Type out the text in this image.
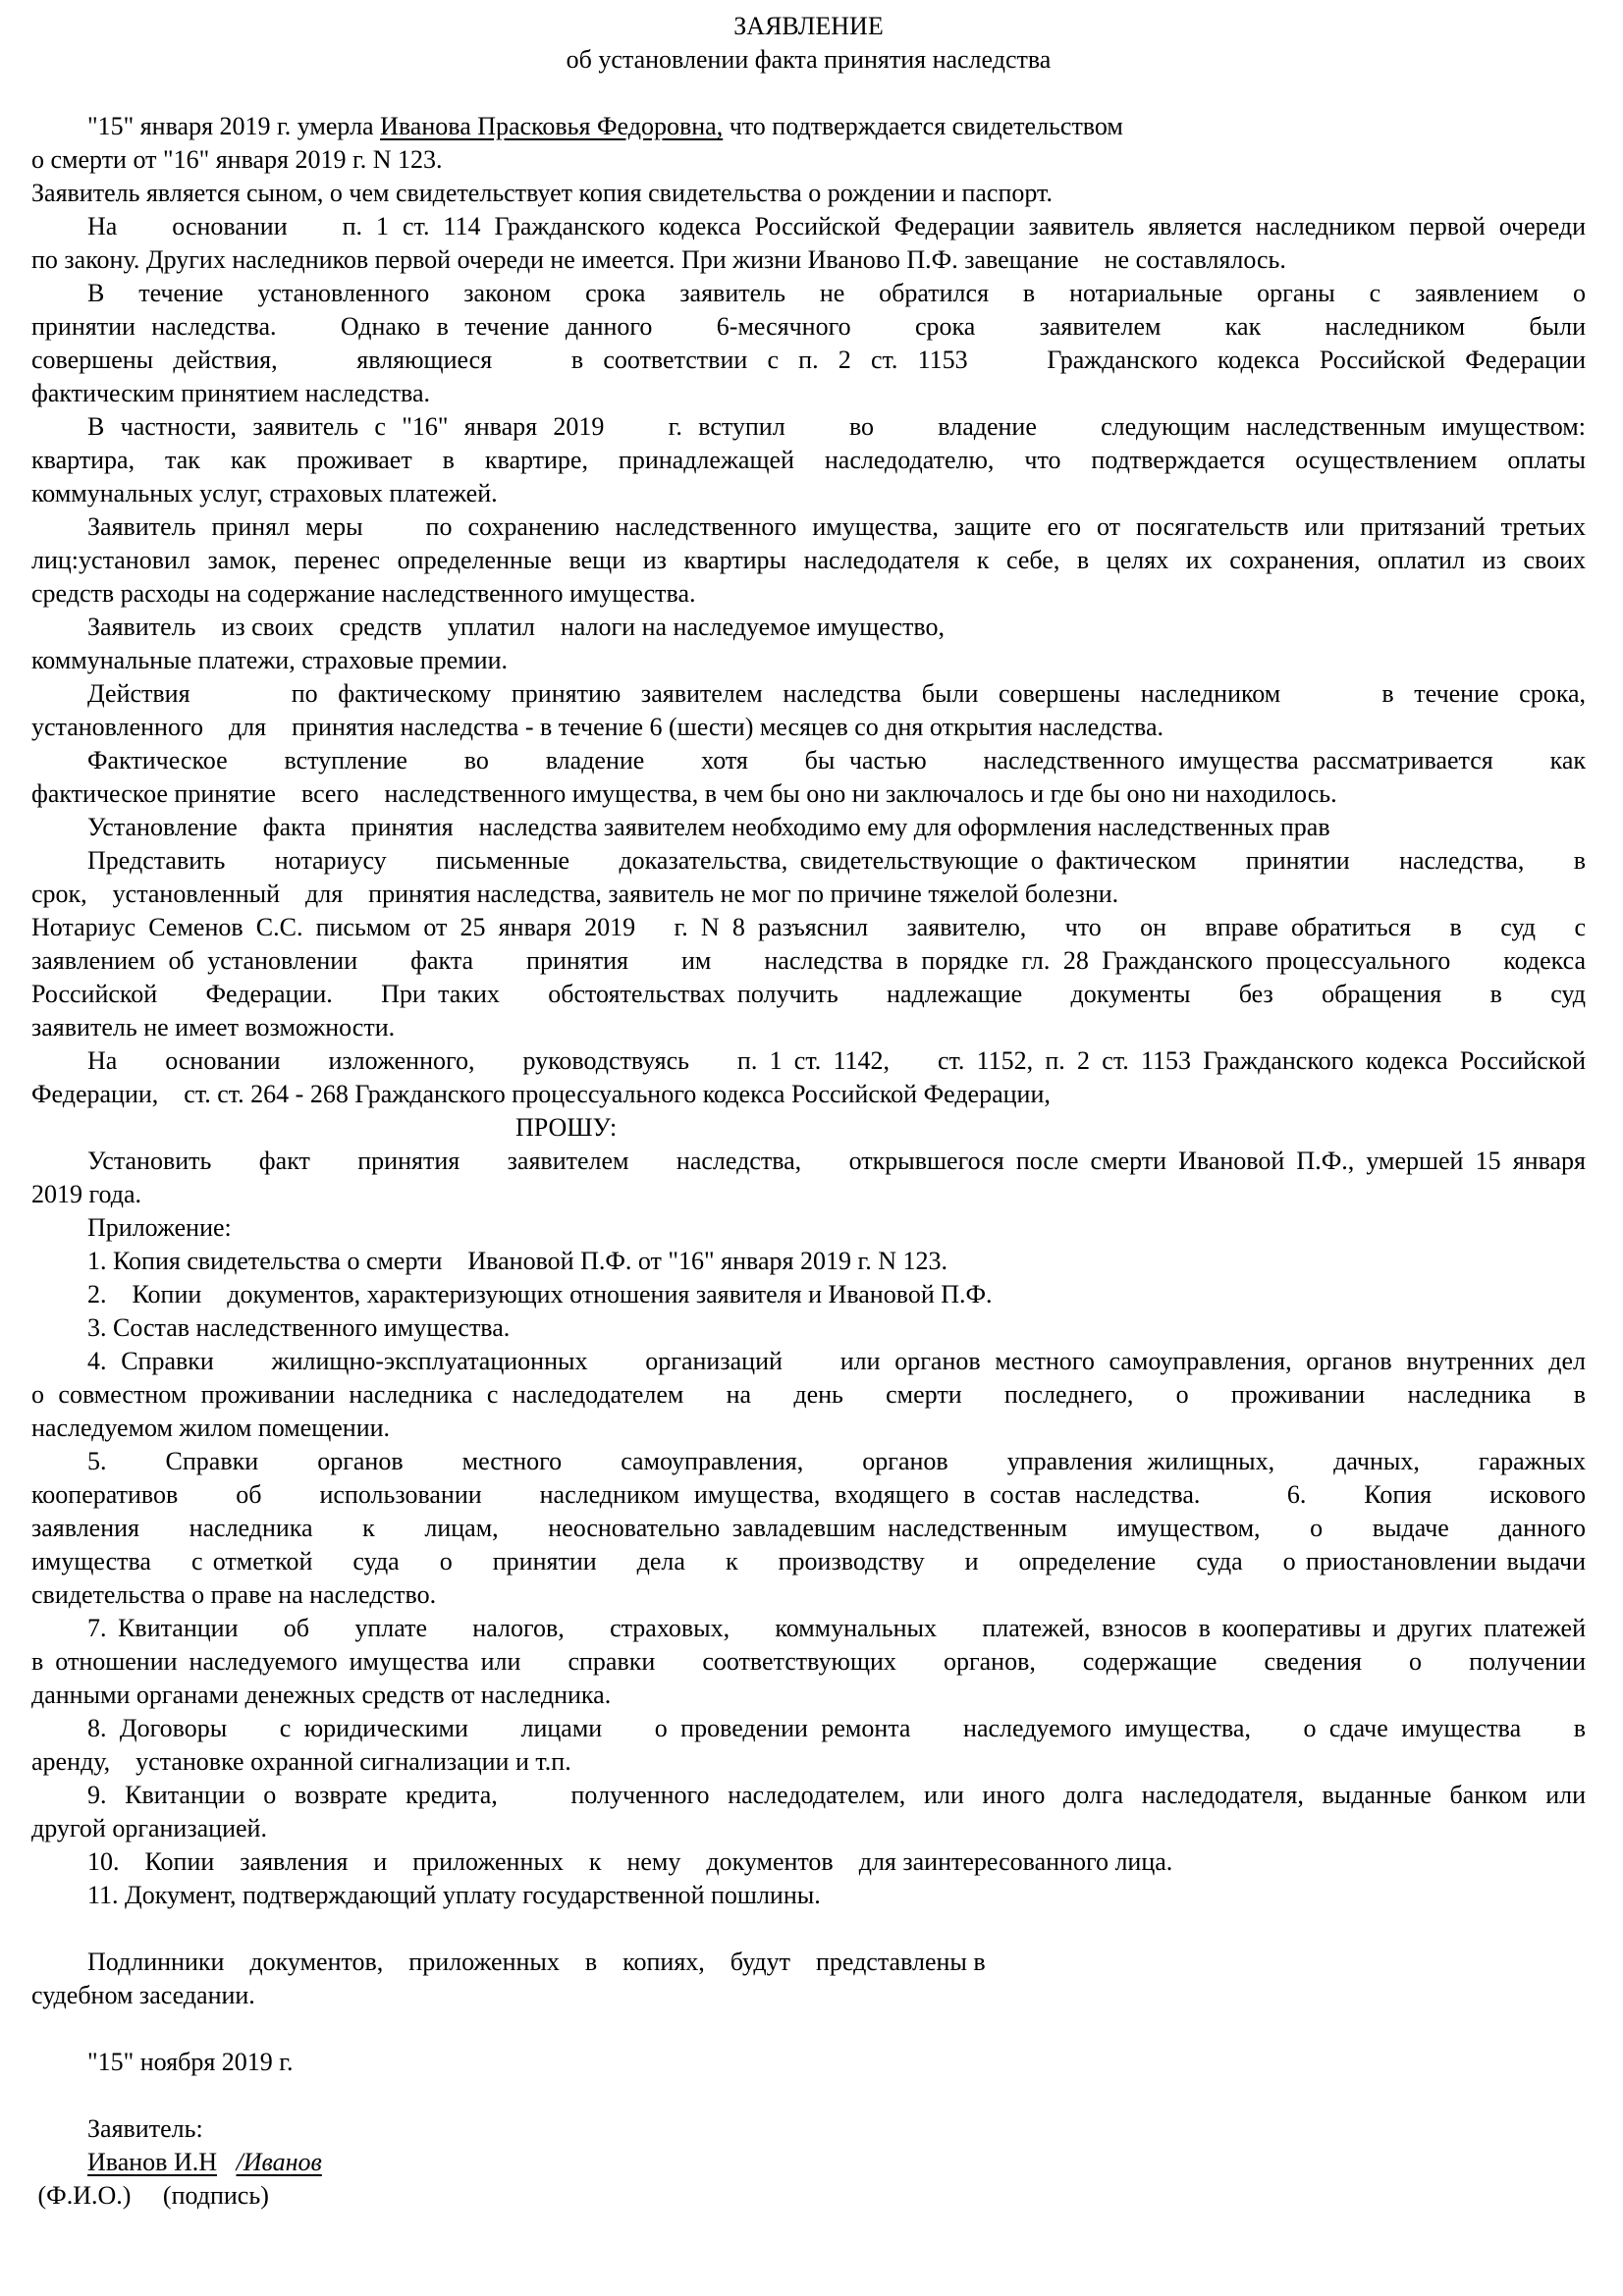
ЗАЯВЛЕНИЕ
об установлении факта принятия наследства
"15" января 2019 г. умерла Иванова Прасковья Федоровна, что подтверждается свидетельством
о смерти от "16" января 2019 г. N 123.
Заявитель является сыном, о чем свидетельствует копия свидетельства о рождении и паспорт.
На    основании    п. 1 ст. 114 Гражданского кодекса Российской Федерации заявитель является наследником первой очереди
по закону. Других наследников первой очереди не имеется. При жизни Иваново П.Ф. завещание    не составлялось.
В течение установленного законом срока заявитель не обратился в нотариальные органы с заявлением о
принятии наследства.    Однако в течение данного    6-месячного    срока    заявителем    как    наследником    были
совершены действия,    являющиеся    в соответствии с п. 2 ст. 1153    Гражданского кодекса Российской Федерации
фактическим принятием наследства.
В частности, заявитель с "16" января 2019    г. вступил    во    владение    следующим наследственным имуществом:
квартира, так как проживает в квартире, принадлежащей наследодателю, что подтверждается осуществлением оплаты
коммунальных услуг, страховых платежей.
Заявитель принял меры    по сохранению наследственного имущества, защите его от посягательств или притязаний третьих
лиц:установил замок, перенес определенные вещи из квартиры наследодателя к себе, в целях их сохранения, оплатил из своих
средств расходы на содержание наследственного имущества.
Заявитель    из своих    средств    уплатил    налоги на наследуемое имущество,
коммунальные платежи, страховые премии.
Действия     по фактическому принятию заявителем наследства были совершены наследником     в течение срока,
установленного    для    принятия наследства - в течение 6 (шести) месяцев со дня открытия наследства.
Фактическое    вступление    во    владение    хотя    бы частью    наследственного имущества рассматривается    как
фактическое принятие    всего    наследственного имущества, в чем бы оно ни заключалось и где бы оно ни находилось.
Установление    факта    принятия    наследства заявителем необходимо ему для оформления наследственных прав
Представить    нотариусу    письменные    доказательства, свидетельствующие о фактическом    принятии    наследства,    в
срок,    установленный    для    принятия наследства, заявитель не мог по причине тяжелой болезни.
Нотариус Семенов С.С. письмом от 25 января 2019   г. N 8 разъяснил   заявителю,   что   он   вправе обратиться   в   суд   с
заявлением об установлении    факта    принятия    им    наследства в порядке гл. 28 Гражданского процессуального    кодекса
Российской    Федерации.    При таких    обстоятельствах получить    надлежащие    документы    без    обращения    в    суд
заявитель не имеет возможности.
На    основании    изложенного,    руководствуясь    п. 1 ст. 1142,    ст. 1152, п. 2 ст. 1153 Гражданского кодекса Российской
Федерации,    ст. ст. 264 - 268 Гражданского процессуального кодекса Российской Федерации,
ПРОШУ:
Установить    факт    принятия    заявителем    наследства,    открывшегося после смерти Ивановой П.Ф., умершей 15 января
2019 года.
Приложение:
1. Копия свидетельства о смерти    Ивановой П.Ф. от "16" января 2019 г. N 123.
2.    Копии    документов, характеризующих отношения заявителя и Ивановой П.Ф.
3. Состав наследственного имущества.
4. Справки    жилищно-эксплуатационных    организаций    или органов местного самоуправления, органов внутренних дел
о совместном проживании наследника с наследодателем   на   день   смерти   последнего,   о   проживании   наследника   в
наследуемом жилом помещении.
5.    Справки    органов    местного    самоуправления,    органов    управления жилищных,    дачных,    гаражных
кооперативов    об    использовании    наследником имущества, входящего в состав наследства.      6.    Копия    искового
заявления    наследника    к    лицам,    неосновательно завладевшим наследственным    имуществом,    о    выдаче    данного
имущества    с отметкой    суда    о    принятии    дела    к    производству    и    определение    суда    о приостановлении выдачи
свидетельства о праве на наследство.
7. Квитанции    об    уплате    налогов,    страховых,    коммунальных    платежей, взносов в кооперативы и других платежей
в отношении наследуемого имущества или    справки    соответствующих    органов,    содержащие    сведения    о    получении
данными органами денежных средств от наследника.
8. Договоры    с юридическими    лицами    о проведении ремонта    наследуемого имущества,    о сдаче имущества    в
аренду,    установке охранной сигнализации и т.п.
9. Квитанции о возврате кредита,    полученного наследодателем, или иного долга наследодателя, выданные банком или
другой организацией.
10.    Копии    заявления    и    приложенных    к    нему    документов    для заинтересованного лица.
11. Документ, подтверждающий уплату государственной пошлины.

Подлинники    документов,    приложенных    в    копиях,    будут    представлены в
судебном заседании.

"15" ноября 2019 г.

Заявитель:
Иванов И.Н /Иванов
(Ф.И.О.)     (подпись)
